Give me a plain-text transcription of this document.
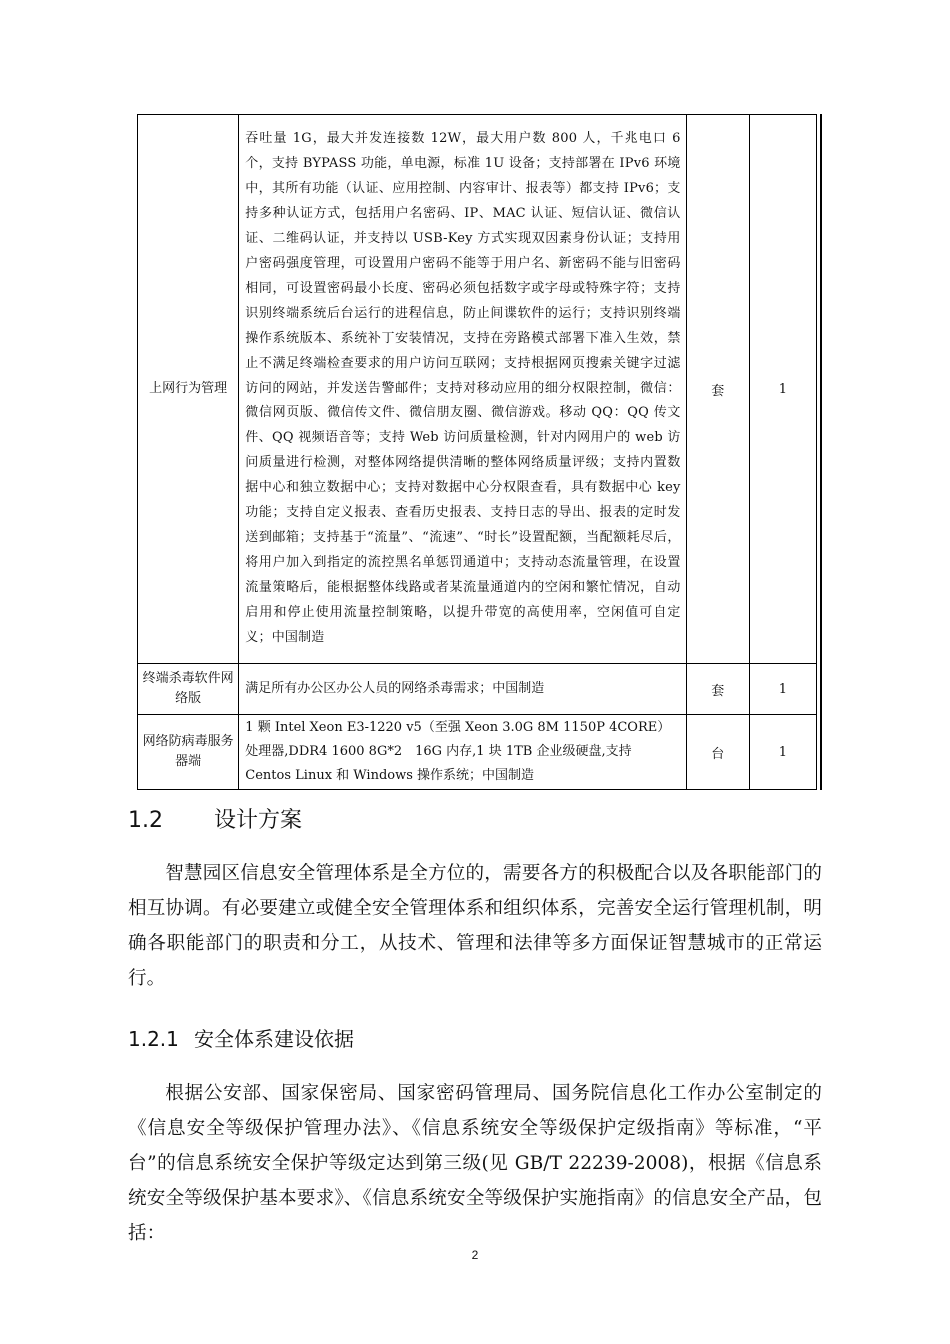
上网行为管理	吞吐量 1G，最大并发连接数 12W，最大用户数 800 人，千兆电口 6 个，支持 BYPASS 功能，单电源，标准 1U 设备；支持部署在 IPv6 环境中，其所有功能（认证、应用控制、内容审计、报表等）都支持 IPv6；支持多种认证方式，包括用户名密码、IP、MAC 认证、短信认证、微信认证、二维码认证，并支持以 USB-Key 方式实现双因素身份认证；支持用户密码强度管理，可设置用户密码不能等于用户名、新密码不能与旧密码相同，可设置密码最小长度、密码必须包括数字或字母或特殊字符；支持识别终端系统后台运行的进程信息，防止间谍软件的运行；支持识别终端操作系统版本、系统补丁安装情况，支持在旁路模式部署下准入生效，禁止不满足终端检查要求的用户访问互联网；支持根据网页搜索关键字过滤访问的网站，并发送告警邮件；支持对移动应用的细分权限控制，微信：微信网页版、微信传文件、微信朋友圈、微信游戏。移动 QQ：QQ 传文件、QQ 视频语音等；支持 Web 访问质量检测，针对内网用户的 web 访问质量进行检测，对整体网络提供清晰的整体网络质量评级；支持内置数据中心和独立数据中心；支持对数据中心分权限查看，具有数据中心 key 功能；支持自定义报表、查看历史报表、支持日志的导出、报表的定时发送到邮箱；支持基于“流量”、“流速”、“时长”设置配额，当配额耗尽后，将用户加入到指定的流控黑名单惩罚通道中；支持动态流量管理，在设置流量策略后，能根据整体线路或者某流量通道内的空闲和繁忙情况，自动启用和停止使用流量控制策略，以提升带宽的高使用率，空闲值可自定义；中国制造	套	1
终端杀毒软件网络版	满足所有办公区办公人员的网络杀毒需求；中国制造	套	1
网络防病毒服务器端	1 颗 Intel Xeon E3-1220 v5（至强 Xeon 3.0G 8M 1150P 4CORE）处理器,DDR4 1600 8G*2　16G 内存,1 块 1TB 企业级硬盘,支持 Centos Linux 和 Windows 操作系统；中国制造	台	1
1.2 设计方案

智慧园区信息安全管理体系是全方位的，需要各方的积极配合以及各职能部门的相互协调。有必要建立或健全安全管理体系和组织体系，完善安全运行管理机制，明确各职能部门的职责和分工，从技术、管理和法律等多方面保证智慧城市的正常运行。

1.2.1 安全体系建设依据

根据公安部、国家保密局、国家密码管理局、国务院信息化工作办公室制定的《信息安全等级保护管理办法》、《信息系统安全等级保护定级指南》等标准，“平台”的信息系统安全保护等级定达到第三级(见 GB/T 22239-2008)，根据《信息系统安全等级保护基本要求》、《信息系统安全等级保护实施指南》的信息安全产品，包括：

2
